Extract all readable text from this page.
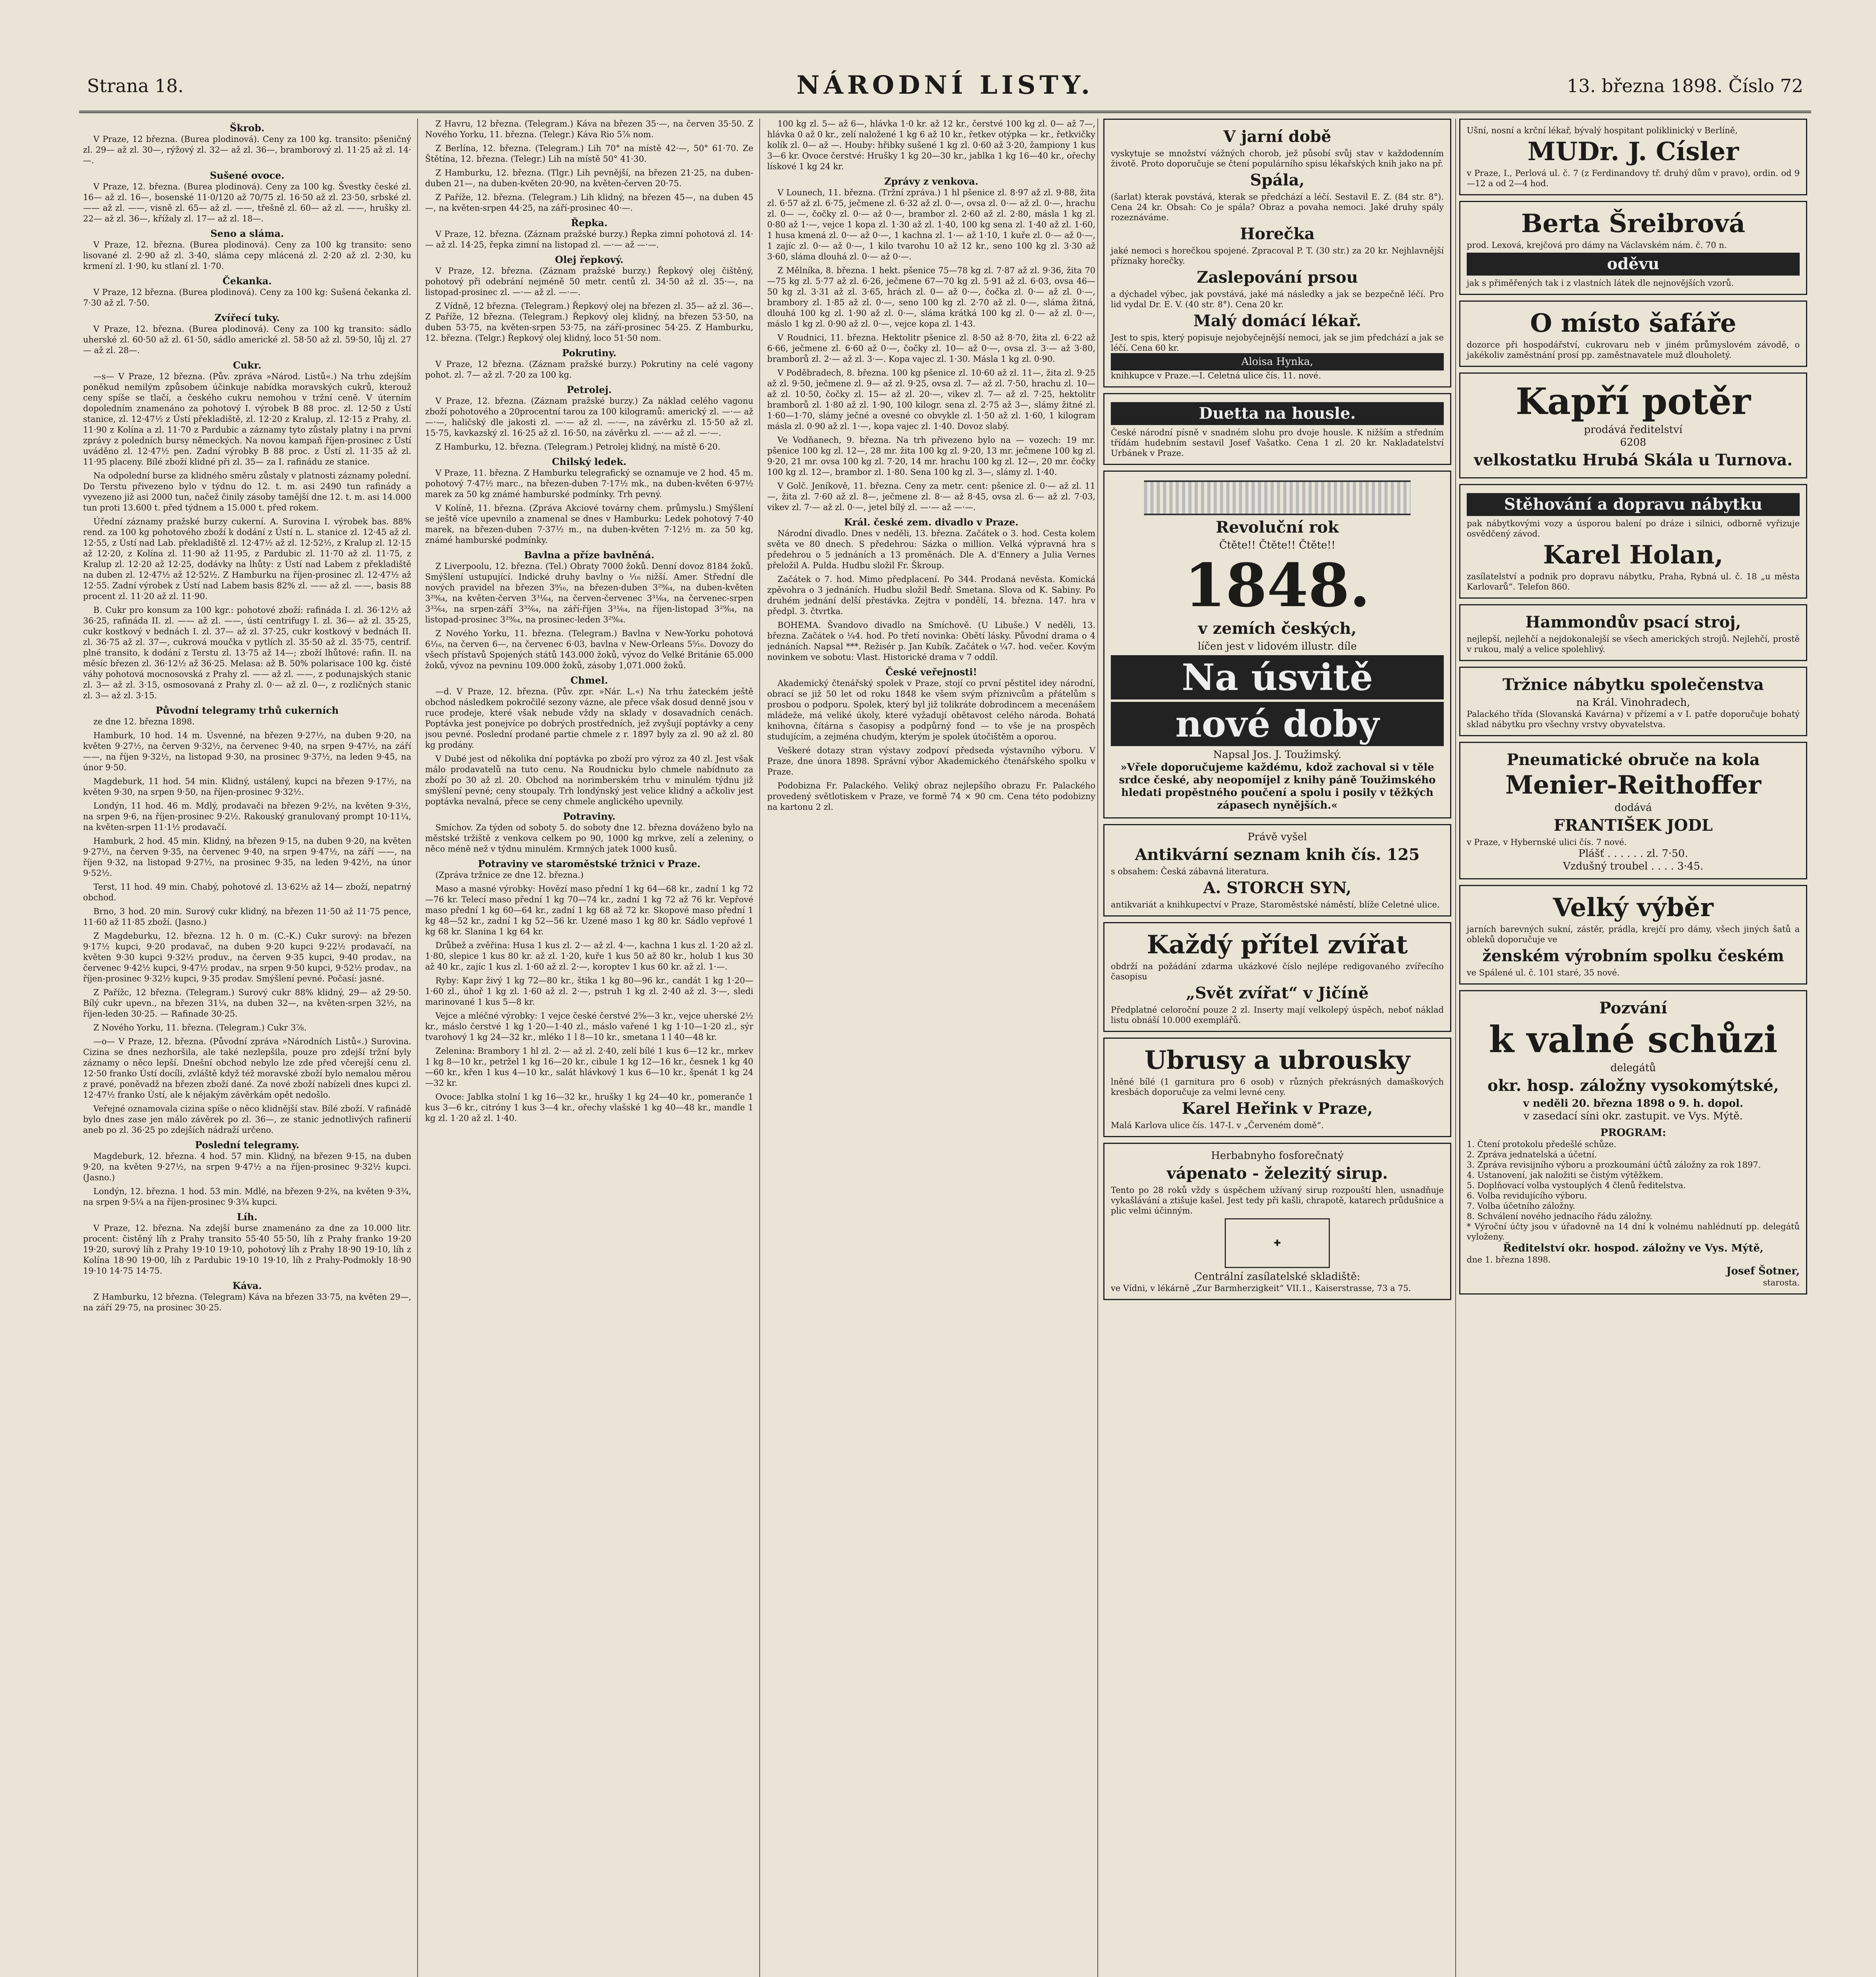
Strana 18.	NÁRODNÍ LISTY.	13. března 1898. Číslo 72
Škrob.

V Praze, 12 března. (Burea plodinová). Ceny za 100 kg. transito: pšeničný zl. 29— až zl. 30—, rýžový zl. 32— až zl. 36—, bramborový zl. 11·25 až zl. 14·—.

Sušené ovoce.

V Praze, 12. března. (Burea plodinová). Ceny za 100 kg. Švestky české zl. 16— až zl. 16—, bosenské 11·0/120 až 70/75 zl. 16·50 až zl. 23·50, srbské zl. —— až zl. ——, visně zl. 65— až zl. ——, třešně zl. 60— až zl. ——, hrušky zl. 22— až zl. 36—, křížaly zl. 17— až zl. 18—.

Seno a sláma.

V Praze, 12. března. (Burea plodinová). Ceny za 100 kg transito: seno lisované zl. 2·90 až zl. 3·40, sláma cepy mlácená zl. 2·20 až zl. 2·30, ku krmení zl. 1·90, ku stlaní zl. 1·70.

Čekanka.

V Praze, 12 března. (Burea plodinová). Ceny za 100 kg: Sušená čekanka zl. 7·30 až zl. 7·50.

Zvířecí tuky.

V Praze, 12. března. (Burea plodinová). Ceny za 100 kg transito: sádlo uherské zl. 60·50 až zl. 61·50, sádlo americké zl. 58·50 až zl. 59·50, lůj zl. 27— až zl. 28—.

Cukr.

—s— V Praze, 12 března. (Pův. zpráva »Národ. Listů«.) Na trhu zdejším poněkud nemilým způsobem účinkuje nabídka moravských cukrů, kterouž ceny spíše se tlačí, a českého cukru nemohou v tržní ceně. V úterním dopoledním znamenáno za pohotový I. výrobek B 88 proc. zl. 12·50 z Ústí stanice, zl. 12·47½ z Ústí překladiště, zl. 12·20 z Kralup, zl. 12·15 z Prahy, zl. 11·90 z Kolína a zl. 11·70 z Pardubic a záznamy tyto zůstaly platny i na první zprávy z poledních bursy německých. Na novou kampaň říjen-prosinec z Ústí uváděno zl. 12·47½ pen. Zadní výrobky B 88 proc. z Ústí zl. 11·35 až zl. 11·95 placeny. Bílé zboží klidné při zl. 35— za I. rafinádu ze stanice.

Na odpolední burse za klidného směru zůstaly v platnosti záznamy polední. Do Terstu přivezeno bylo v týdnu do 12. t. m. asi 2490 tun rafinády a vyvezeno již asi 2000 tun, načež činily zásoby tamější dne 12. t. m. asi 14.000 tun proti 13.600 t. před týdnem a 15.000 t. před rokem.

Úřední záznamy pražské burzy cukerní. A. Surovina I. výrobek bas. 88% rend. za 100 kg pohotového zboží k dodání z Ústí n. L. stanice zl. 12·45 až zl. 12·55, z Ústí nad Lab. překladiště zl. 12·47½ až zl. 12·52½, z Kralup zl. 12·15 až 12·20, z Kolína zl. 11·90 až 11·95, z Pardubic zl. 11·70 až zl. 11·75, z Kralup zl. 12·20 až 12·25, dodávky na lhůty: z Ústí nad Labem z překladiště na duben zl. 12·47½ až 12·52½. Z Hamburku na říjen-prosinec zl. 12·47½ až 12·55. Zadní výrobek z Ústí nad Labem basis 82% zl. —— až zl. ——, basis 88 procent zl. 11·20 až zl. 11·90.

B. Cukr pro konsum za 100 kgr.: pohotové zboží: rafináda I. zl. 36·12½ až 36·25, rafináda II. zl. —— až zl. ——, ústí centrifugy I. zl. 36— až zl. 35·25, cukr kostkový v bednách I. zl. 37— až zl. 37·25, cukr kostkový v bednách II. zl. 36·75 až zl. 37—, cukrová moučka v pytlích zl. 35·50 až zl. 35·75, centrif. plné transito, k dodání z Terstu zl. 13·75 až 14—; zboží lhůtové: rafin. II. na měsíc březen zl. 36·12½ až 36·25. Melasa: až B. 50% polarisace 100 kg. čisté váhy pohotová mocnosovská z Prahy zl. —— až zl. ——, z podunajských stanic zl. 3— až zl. 3·15, osmosovaná z Prahy zl. 0·— až zl. 0—, z rozličných stanic zl. 3— až zl. 3·15.

Původní telegramy trhů cukerních

ze dne 12. března 1898.

Hamburk, 10 hod. 14 m. Úsvenné, na březen 9·27½, na duben 9·20, na květen 9·27½, na červen 9·32½, na červenec 9·40, na srpen 9·47½, na září ——, na říjen 9·32½, na listopad 9·30, na prosinec 9·37½, na leden 9·45, na únor 9·50.

Magdeburk, 11 hod. 54 min. Klidný, ustálený, kupci na březen 9·17½, na květen 9·30, na srpen 9·50, na říjen-prosinec 9·32½.

Londýn, 11 hod. 46 m. Mdlý, prodavači na březen 9·2½, na květen 9·3½, na srpen 9·6, na říjen-prosinec 9·2½. Rakouský granulovaný prompt 10·11¼, na květen-srpen 11·1½ prodavačí.

Hamburk, 2 hod. 45 min. Klidný, na březen 9·15, na duben 9·20, na květen 9·27½, na červen 9·35, na červenec 9·40, na srpen 9·47½, na září ——, na říjen 9·32, na listopad 9·27½, na prosinec 9·35, na leden 9·42½, na únor 9·52½.

Terst, 11 hod. 49 min. Chabý, pohotové zl. 13·62½ až 14— zboží, nepatrný obchod.

Brno, 3 hod. 20 min. Surový cukr klidný, na březen 11·50 až 11·75 pence, 11·60 až 11·85 zboží. (Jasno.)

Z Magdeburku, 12. března. 12 h. 0 m. (C.-K.) Cukr surový: na březen 9·17½ kupci, 9·20 prodavač, na duben 9·20 kupci 9·22½ prodavačí, na květen 9·30 kupci 9·32½ produv., na červen 9·35 kupci, 9·40 prodav., na červenec 9·42½ kupci, 9·47½ prodav., na srpen 9·50 kupci, 9·52½ prodav., na říjen-prosinec 9·32½ kupci, 9·35 prodav. Smýšlení pevné. Počasí: jasné.

Z Pařížc, 12 března. (Telegram.) Surový cukr 88% klidný, 29— až 29·50. Bílý cukr upevn., na březen 31¼, na duben 32—, na květen-srpen 32½, na říjen-leden 30·25. — Rafinade 30·25.

Z Nového Yorku, 11. března. (Telegram.) Cukr 3⁷⁄₈.

—o— V Praze, 12. března. (Původní zpráva »Národních Listů«.) Surovina. Cizina se dnes nezhoršila, ale také nezlepšila, pouze pro zdejší tržní byly záznamy o něco lepší. Dnešní obchod nebylo lze zde před včerejší cenu zl. 12·50 franko Ústí docíli, zvláště když též moravské zboží bylo nemalou měrou z pravé, poněvadž na březen zboží dané. Za nové zboží nabízeli dnes kupci zl. 12·47½ franko Ústí, ale k nějakým závěrkám opět nedošlo.

Veřejné oznamovala cizina spíše o něco klidnější stav. Bílé zboží. V rafinádě bylo dnes zase jen málo závěrek po zl. 36—, ze stanic jednotlivých rafinerií aneb po zl. 36·25 po zdejších nádraží určeno.

Poslední telegramy.

Magdeburk, 12. března. 4 hod. 57 min. Klidný, na březen 9·15, na duben 9·20, na květen 9·27½, na srpen 9·47½ a na říjen-prosinec 9·32½ kupci. (Jasno.)

Londýn, 12. března. 1 hod. 53 min. Mdlé, na březen 9·2¾, na květen 9·3¾, na srpen 9·5¼ a na říjen-prosinec 9·3¾ kupci.

Líh.

V Praze, 12. března. Na zdejší burse znamenáno za dne za 10.000 litr. procent: čistěný líh z Prahy transito 55·40 55·50, líh z Prahy franko 19·20 19·20, surový líh z Prahy 19·10 19·10, pohotový líh z Prahy 18·90 19·10, líh z Kolína 18·90 19·00, líh z Pardubic 19·10 19·10, líh z Prahy-Podmokly 18·90 19·10 14·75 14·75.

Káva.

Z Hamburku, 12 března. (Telegram) Káva na březen 33·75, na květen 29—, na září 29·75, na prosinec 30·25.

Z Havru, 12 března. (Telegram.) Káva na březen 35·—, na červen 35·50. Z Nového Yorku, 11. března. (Telegr.) Káva Rio 5⁷⁄₈ nom.

Z Berlína, 12. března. (Telegram.) Lih 70° na místě 42·—, 50° 61·70. Ze Štětína, 12. března. (Telegr.) Lih na místě 50° 41·30.

Z Hamburku, 12. března. (Tlgr.) Lih pevnější, na březen 21·25, na duben-duben 21—, na duben-květen 20·90, na květen-červen 20·75.

Z Paříže, 12. března. (Telegram.) Lih klidný, na březen 45—, na duben 45—, na květen-srpen 44·25, na září-prosinec 40·—.

Řepka.

V Praze, 12. března. (Záznam pražské burzy.) Řepka zimní pohotová zl. 14·— až zl. 14·25, řepka zimní na listopad zl. —·— až —·—.

Olej řepkový.

V Praze, 12. března. (Záznam pražské burzy.) Řepkový olej čištěný, pohotový při odebrání nejméně 50 metr. centů zl. 34·50 až zl. 35·—, na listopad-prosinec zl. —·— až zl. —·—.

Z Vídně, 12 března. (Telegram.) Řepkový olej na březen zl. 35— až zl. 36—. Z Paříže, 12 března. (Telegram.) Řepkový olej klidný, na březen 53·50, na duben 53·75, na květen-srpen 53·75, na září-prosinec 54·25. Z Hamburku, 12. března. (Telgr.) Řepkový olej klidný, loco 51·50 nom.

Pokrutiny.

V Praze, 12 března. (Záznam pražské burzy.) Pokrutiny na celé vagony pohot. zl. 7— až zl. 7·20 za 100 kg.

Petrolej.

V Praze, 12. března. (Záznam pražské burzy.) Za náklad celého vagonu zboží pohotového a 20procentní tarou za 100 kilogramů: americký zl. —·— až —·—, haličský dle jakosti zl. —·— až zl. —·—, na závěrku zl. 15·50 až zl. 15·75, kavkazský zl. 16·25 až zl. 16·50, na závěrku zl. —·— až zl. —·—.

Z Hamburku, 12. března. (Telegram.) Petrolej klidný, na místě 6·20.

Chilský ledek.

V Praze, 11. března. Z Hamburku telegrafický se oznamuje ve 2 hod. 45 m. pohotový 7·47½ marc., na březen-duben 7·17½ mk., na duben-květen 6·97½ marek za 50 kg známé hamburské podmínky. Trh pevný.

V Kolíně, 11. března. (Zpráva Akciové továrny chem. průmyslu.) Smýšlení se ještě více upevnilo a znamenal se dnes v Hamburku: Ledek pohotový 7·40 marek, na březen-duben 7·37½ m., na duben-květen 7·12½ m. za 50 kg, známé hamburské podmínky.

Bavlna a příze bavlněná.

Z Liverpoolu, 12. března. (Tel.) Obraty 7000 žoků. Denní dovoz 8184 žoků. Smýšlení ustupující. Indické druhy bavlny o ¹⁄₁₆ nižší. Amer. Střední dle nových pravidel na březen 3⁹⁄₁₆, na březen-duben 3²⁹⁄₆₄, na duben-květen 3²⁹⁄₆₄, na květen-červen 3³¹⁄₆₄, na červen-červenec 3³¹⁄₆₄, na červenec-srpen 3³²⁄₆₄, na srpen-září 3³²⁄₆₄, na září-říjen 3³¹⁄₆₄, na říjen-listopad 3²⁹⁄₆₄, na listopad-prosinec 3²⁹⁄₆₄, na prosinec-leden 3²⁹⁄₆₄.

Z Nového Yorku, 11. března. (Telegram.) Bavlna v New-Yorku pohotová 6¹⁄₁₆, na červen 6—, na červenec 6·03, bavlna v New-Orleans 5⁵⁄₁₆. Dovozy do všech přístavů Spojených států 143.000 žoků, vývoz do Velké Británie 65.000 žoků, vývoz na pevninu 109.000 žoků, zásoby 1,071.000 žoků.

Chmel.

—d. V Praze, 12. března. (Pův. zpr. »Nár. L.«) Na trhu žateckém ještě obchod následkem pokročilé sezony vázne, ale přece však dosud denně jsou v ruce prodeje, které však nebude vždy na sklady v dosavadních cenách. Poptávka jest ponejvíce po dobrých prostředních, jež zvyšují poptávky a ceny jsou pevné. Poslední prodané partie chmele z r. 1897 byly za zl. 90 až zl. 80 kg prodány.

V Dubé jest od několika dní poptávka po zboží pro výroz za 40 zl. Jest však málo prodavatelů na tuto cenu. Na Roudnicku bylo chmele nabídnuto za zboží po 30 až zl. 20. Obchod na norimberském trhu v minulém týdnu již smýšlení pevné; ceny stoupaly. Trh londýnský jest velice klidný a ačkoliv jest poptávka nevalná, přece se ceny chmele anglického upevnily.

Potraviny.

Smíchov. Za týden od soboty 5. do soboty dne 12. března dováženo bylo na městské tržiště z venkova celkem po 90, 1000 kg mrkve, zelí a zeleniny, o něco méně než v týdnu minulém. Krmných jatek 1000 kusů.

Potraviny ve staroměstské tržnici v Praze.

(Zpráva tržnice ze dne 12. března.)

Maso a masné výrobky: Hovězí maso přední 1 kg 64—68 kr., zadní 1 kg 72—76 kr. Telecí maso přední 1 kg 70—74 kr., zadní 1 kg 72 až 76 kr. Vepřové maso přední 1 kg 60—64 kr., zadní 1 kg 68 až 72 kr. Skopové maso přední 1 kg 48—52 kr., zadní 1 kg 52—56 kr. Uzené maso 1 kg 80 kr. Sádlo vepřové 1 kg 68 kr. Slanina 1 kg 64 kr.

Drůbež a zvěřina: Husa 1 kus zl. 2·— až zl. 4·—, kachna 1 kus zl. 1·20 až zl. 1·80, slepice 1 kus 80 kr. až zl. 1·20, kuře 1 kus 50 až 80 kr., holub 1 kus 30 až 40 kr., zajíc 1 kus zl. 1·60 až zl. 2·—, koroptev 1 kus 60 kr. až zl. 1·—.

Ryby: Kapr živý 1 kg 72—80 kr., štika 1 kg 80—96 kr., candát 1 kg 1·20—1·60 zl., úhoř 1 kg zl. 1·60 až zl. 2·—, pstruh 1 kg zl. 2·40 až zl. 3·—, sledi marinované 1 kus 5—8 kr.

Vejce a mléčné výrobky: 1 vejce české čerstvé 2⁵⁄₈—3 kr., vejce uherské 2½ kr., máslo čerstvé 1 kg 1·20—1·40 zl., máslo vařené 1 kg 1·10—1·20 zl., sýr tvarohový 1 kg 24—32 kr., mléko 1 l 8—10 kr., smetana 1 l 40—48 kr.

Zelenina: Brambory 1 hl zl. 2·— až zl. 2·40, zelí bílé 1 kus 6—12 kr., mrkev 1 kg 8—10 kr., petržel 1 kg 16—20 kr., cibule 1 kg 12—16 kr., česnek 1 kg 40—60 kr., křen 1 kus 4—10 kr., salát hlávkový 1 kus 6—10 kr., špenát 1 kg 24—32 kr.

Ovoce: Jablka stolní 1 kg 16—32 kr., hrušky 1 kg 24—40 kr., pomeranče 1 kus 3—6 kr., citróny 1 kus 3—4 kr., ořechy vlašské 1 kg 40—48 kr., mandle 1 kg zl. 1·20 až zl. 1·40.

100 kg zl. 5— až 6—, hlávka 1·0 kr. až 12 kr., čerstvé 100 kg zl. 0— až 7—, hlávka 0 až 0 kr., zelí naložené 1 kg 6 až 10 kr., řetkev otýpka — kr., řetkvičky kolík zl. 0— až —. Houby: hřibky sušené 1 kg zl. 0·60 až 3·20, žampiony 1 kus 3—6 kr. Ovoce čerstvé: Hrušky 1 kg 20—30 kr., jablka 1 kg 16—40 kr., ořechy lískové 1 kg 24 kr.

Zprávy z venkova.

V Lounech, 11. března. (Tržní zpráva.) 1 hl pšenice zl. 8·97 až zl. 9·88, žita zl. 6·57 až zl. 6·75, ječmene zl. 6·32 až zl. 0·—, ovsa zl. 0·— až zl. 0·—, hrachu zl. 0— —, čočky zl. 0·— až 0·—, brambor zl. 2·60 až zl. 2·80, másla 1 kg zl. 0·80 až 1·—, vejce 1 kopa zl. 1·30 až zl. 1·40, 100 kg sena zl. 1·40 až zl. 1·60, 1 husa kmená zl. 0·— až 0·—, 1 kachna zl. 1·— až 1·10, 1 kuře zl. 0·— až 0·—, 1 zajíc zl. 0·— až 0·—, 1 kilo tvarohu 10 až 12 kr., seno 100 kg zl. 3·30 až 3·60, sláma dlouhá zl. 0·— až 0·—.

Z Mělníka, 8. března. 1 hekt. pšenice 75—78 kg zl. 7·87 až zl. 9·36, žita 70—75 kg zl. 5·77 až zl. 6·26, ječmene 67—70 kg zl. 5·91 až zl. 6·03, ovsa 46—50 kg zl. 3·31 až zl. 3·65, hrách zl. 0— až 0·—, čočka zl. 0·— až zl. 0·—, brambory zl. 1·85 až zl. 0·—, seno 100 kg zl. 2·70 až zl. 0·—, sláma žitná, dlouhá 100 kg zl. 1·90 až zl. 0·—, sláma krátká 100 kg zl. 0·— až zl. 0·—, máslo 1 kg zl. 0·90 až zl. 0·—, vejce kopa zl. 1·43.

V Roudnici, 11. března. Hektolitr pšenice zl. 8·50 až 8·70, žita zl. 6·22 až 6·66, ječmene zl. 6·60 až 0·—, čočky zl. 10— až 0·—, ovsa zl. 3·— až 3·80, bramborů zl. 2·— až zl. 3·—. Kopa vajec zl. 1·30. Másla 1 kg zl. 0·90.

V Poděbradech, 8. března. 100 kg pšenice zl. 10·60 až zl. 11—, žita zl. 9·25 až zl. 9·50, ječmene zl. 9— až zl. 9·25, ovsa zl. 7— až zl. 7·50, hrachu zl. 10— až zl. 10·50, čočky zl. 15— až zl. 20·—, vikev zl. 7— až zl. 7·25, hektolitr bramborů zl. 1·80 až zl. 1·90, 100 kilogr. sena zl. 2·75 až 3—, slámy žitné zl. 1·60—1·70, slámy ječné a ovesné co obvykle zl. 1·50 až zl. 1·60, 1 kilogram másla zl. 0·90 až zl. 1·—, kopa vajec zl. 1·40. Dovoz slabý.

Ve Vodňanech, 9. března. Na trh přivezeno bylo na — vozech: 19 mr. pšenice 100 kg zl. 12—, 28 mr. žita 100 kg zl. 9·20, 13 mr. ječmene 100 kg zl. 9·20, 21 mr. ovsa 100 kg zl. 7·20, 14 mr. hrachu 100 kg zl. 12—, 20 mr. čočky 100 kg zl. 12—, brambor zl. 1·80. Sena 100 kg zl. 3—, slámy zl. 1·40.

V Golč. Jeníkově, 11. března. Ceny za metr. cent: pšenice zl. 0·— až zl. 11—, žita zl. 7·60 až zl. 8—, ječmene zl. 8·— až 8·45, ovsa zl. 6·— až zl. 7·03, vikev zl. 7·— až zl. 0·—, jetel bílý zl. —·— až —·—.

Král. české zem. divadlo v Praze.

Národní divadlo. Dnes v neděli, 13. března. Začátek o 3. hod. Cesta kolem světa ve 80 dnech. S předehrou: Sázka o million. Velká výpravná hra s předehrou o 5 jednáních a 13 proměnách. Dle A. d'Ennery a Julia Vernes přeložil A. Pulda. Hudbu složil Fr. Škroup.

Začátek o 7. hod. Mimo předplacení. Po 344. Prodaná nevěsta. Komická zpěvohra o 3 jednáních. Hudbu složil Bedř. Smetana. Slova od K. Sabiny. Po druhém jednání delší přestávka. Zejtra v pondělí, 14. března. 147. hra v předpl. 3. čtvrtka.

BOHEMA. Švandovo divadlo na Smíchově. (U Libuše.) V neděli, 13. března. Začátek o ¼4. hod. Po třetí novinka: Obětí lásky. Původní drama o 4 jednáních. Napsal ***. Režisér p. Jan Kubík. Začátek o ¼7. hod. večer. Kovým novinkem ve sobotu: Vlast. Historické drama v 7 oddíl.

České veřejnosti!

Akademický čtenářský spolek v Praze, stojí co první pěstitel idey národní, obrací se již 50 let od roku 1848 ke všem svým příznivcům a přátelům s prosbou o podporu. Spolek, který byl již tolikráte dobrodincem a mecenášem mládeže, má veliké úkoly, které vyžadují obětavost celého národa. Bohatá knihovna, čítárna s časopisy a podpůrný fond — to vše je na prospěch studujícím, a zejména chudým, kterým je spolek útočištěm a oporou.

Veškeré dotazy stran výstavy zodpoví předseda výstavního výboru. V Praze, dne února 1898. Správní výbor Akademického čtenářského spolku v Praze.

Podobizna Fr. Palackého. Veliký obraz nejlepšího obrazu Fr. Palackého provedený světlotiskem v Praze, ve formě 74 × 90 cm. Cena této podobizny na kartonu 2 zl.

V jarní době
vyskytuje se množství vážných chorob, jež působí svůj stav v každodenním životě. Proto doporučuje se čtení populárního spisu lékařských knih jako na př.
Spála,
(šarlat) kterak povstává, kterak se předchází a léčí. Sestavil E. Z. (84 str. 8°). Cena 24 kr. Obsah: Co je spála? Obraz a povaha nemoci. Jaké druhy spály rozeznáváme.
Horečka
jaké nemoci s horečkou spojené. Zpracoval P. T. (30 str.) za 20 kr. Nejhlavnější příznaky horečky.
Zaslepování prsou
a dýchadel výbec, jak povstává, jaké má následky a jak se bezpečně léčí. Pro lid vydal Dr. E. V. (40 str. 8°). Cena 20 kr.
Malý domácí lékař.
Jest to spis, který popisuje nejobyčejnější nemoci, jak se jim předchází a jak se léčí. Cena 60 kr.
Aloisa Hynka,
knihkupce v Praze.—I. Celetná ulice čís. 11. nové.
Duetta na housle.
České národní písně v snadném slohu pro dvoje housle. K nižším a středním třídám hudebním sestavil Josef Vašatko. Cena 1 zl. 20 kr. Nakladatelství Urbánek v Praze.
Revoluční rok
Čtěte!! Čtěte!! Čtěte!!
1848.
v zemích českých,
líčen jest v lidovém illustr. díle
Na úsvitě
nové doby
Napsal Jos. J. Toužimský.
»Vřele doporučujeme každému, kdož zachoval si v těle srdce české, aby neopomíjel z knihy páně Toužimského hledati propěstného poučení a spolu i posily v těžkých zápasech nynějších.«
Právě vyšel
Antikvární seznam knih čís. 125
s obsahem: Česká zábavná literatura.
A. STORCH SYN,
antikvariát a knihkupectví v Praze, Staroměstské náměstí, blíže Celetné ulice.
Každý přítel zvířat
obdrží na požádání zdarma ukázkové číslo nejlépe redigovaného zvířecího časopisu
„Svět zvířat“ v Jičíně
Předplatné celoroční pouze 2 zl. Inserty mají velkolepý úspěch, neboť náklad listu obnáší 10.000 exemplářů.
Ubrusy a ubrousky
lněné bílé (1 garnitura pro 6 osob) v různých překrásných damaškových kresbách doporučuje za velmi levné ceny.
Karel Heřink v Praze,
Malá Karlova ulice čís. 147-I. v „Červeném domě“.
Herbabnyho fosforečnatý
vápenato - železitý sirup.
Tento po 28 roků vždy s úspěchem užívaný sirup rozpouští hlen, usnadňuje vykašlávání a ztišuje kašel. Jest tedy při kašli, chrapotě, katarech průdušnice a plic velmi účinným.
✚
Centrální zasílatelské skladiště:
ve Vídni, v lékárně „Zur Barmherzigkeit“ VII.1., Kaiserstrasse, 73 a 75.
Ušní, nosní a krční lékař, bývalý hospitant poliklinický v Berlíně,
MUDr. J. Císler
v Praze, I., Perlová ul. č. 7 (z Ferdinandovy tř. druhý dům v pravo), ordin. od 9—12 a od 2—4 hod.
Berta Šreibrová
prod. Lexová, krejčová pro dámy na Václavském nám. č. 70 n.
oděvu
jak s přiměřených tak i z vlastních látek dle nejnovějších vzorů.
O místo šafáře
dozorce při hospodářství, cukrovaru neb v jiném průmyslovém závodě, o jakékoliv zaměstnání prosí pp. zaměstnavatele muž dlouholetý.
Kapří potěr
prodává ředitelství
6208
velkostatku Hrubá Skála u Turnova.
Stěhování a dopravu nábytku
pak nábytkovými vozy a úsporou balení po dráze i silnici, odborně vyřizuje osvědčený závod.
Karel Holan,
zasílatelství a podnik pro dopravu nábytku, Praha, Rybná ul. č. 18 „u města Karlovarů“. Telefon 860.
Hammondův psací stroj,
nejlepší, nejlehčí a nejdokonalejší se všech amerických strojů. Nejlehčí, prostě v rukou, malý a velice spolehlivý.
Tržnice nábytku společenstva
na Král. Vinohradech,
Palackého třída (Slovanská Kavárna) v přízemí a v I. patře doporučuje bohatý sklad nábytku pro všechny vrstvy obyvatelstva.
Pneumatické obruče na kola
Menier-Reithoffer
dodává
FRANTIŠEK JODL
v Praze, v Hybernské ulici čís. 7 nové.
Plášť . . . . . . zl. 7·50.
Vzdušný troubel . . . . 3·45.
Velký výběr
jarních barevných sukní, zástěr, prádla, krejčí pro dámy, všech jiných šatů a obleků doporučuje ve
ženském výrobním spolku českém
ve Spálené ul. č. 101 staré, 35 nové.
Pozvání
k valné schůzi
delegátů
okr. hosp. záložny vysokomýtské,
v neděli 20. března 1898 o 9. h. dopol.
v zasedací síni okr. zastupit. ve Vys. Mýtě.
PROGRAM:
1. Čtení protokolu předešlé schůze.
2. Zpráva jednatelská a účetní.
3. Zpráva revisijního výboru a prozkoumání účtů záložny za rok 1897.
4. Ustanovení, jak naložiti se čistým výtěžkem.
5. Doplňovací volba vystouplých 4 členů ředitelstva.
6. Volba revidujícího výboru.
7. Volba účetního záložny.
8. Schválení nového jednacího řádu záložny.
* Výroční účty jsou v úřadovně na 14 dní k volnému nahlédnutí pp. delegátů vyloženy.
Ředitelství okr. hospod. záložny ve Vys. Mýtě,
dne 1. března 1898.
Josef Šotner,
starosta.
